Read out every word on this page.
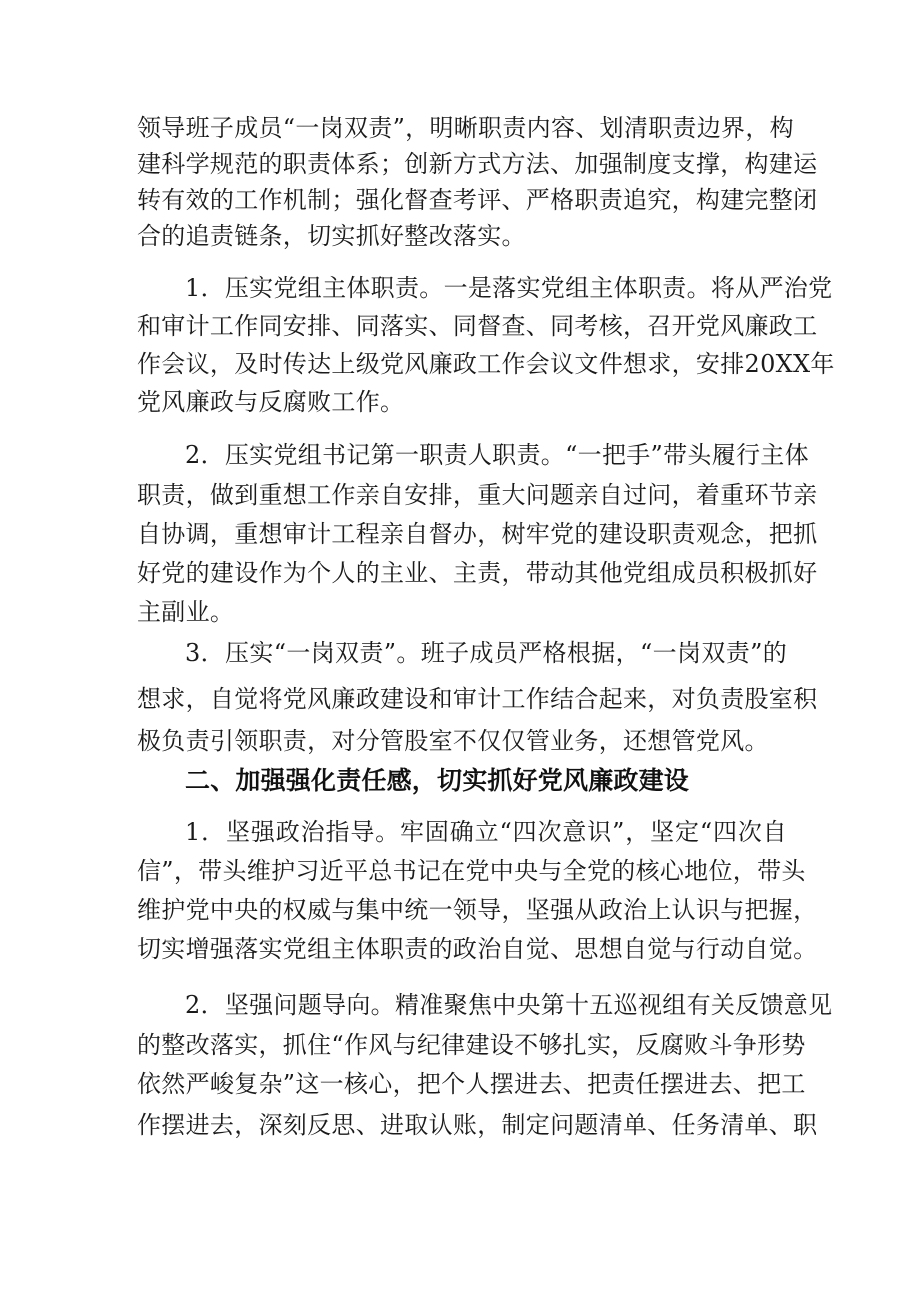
领导班子成员“一岗双责”，明晰职责内容、划清职责边界，构
建科学规范的职责体系；创新方式方法、加强制度支撑，构建运
转有效的工作机制；强化督查考评、严格职责追究，构建完整闭
合的追责链条，切实抓好整改落实。
1．压实党组主体职责。一是落实党组主体职责。将从严治党
和审计工作同安排、同落实、同督查、同考核，召开党风廉政工
作会议，及时传达上级党风廉政工作会议文件想求，安排20XX年
党风廉政与反腐败工作。
2．压实党组书记第一职责人职责。“一把手”带头履行主体
职责，做到重想工作亲自安排，重大问题亲自过问，着重环节亲
自协调，重想审计工程亲自督办，树牢党的建设职责观念，把抓
好党的建设作为个人的主业、主责，带动其他党组成员积极抓好
主副业。
3．压实“一岗双责”。班子成员严格根据，“一岗双责”的
想求，自觉将党风廉政建设和审计工作结合起来，对负责股室积
极负责引领职责，对分管股室不仅仅管业务，还想管党风。
二、加强强化责任感，切实抓好党风廉政建设
1．坚强政治指导。牢固确立“四次意识”，坚定“四次自
信”，带头维护习近平总书记在党中央与全党的核心地位，带头
维护党中央的权威与集中统一领导，坚强从政治上认识与把握，
切实增强落实党组主体职责的政治自觉、思想自觉与行动自觉。
2．坚强问题导向。精准聚焦中央第十五巡视组有关反馈意见
的整改落实，抓住“作风与纪律建设不够扎实，反腐败斗争形势
依然严峻复杂”这一核心，把个人摆进去、把责任摆进去、把工
作摆进去，深刻反思、进取认账，制定问题清单、任务清单、职
